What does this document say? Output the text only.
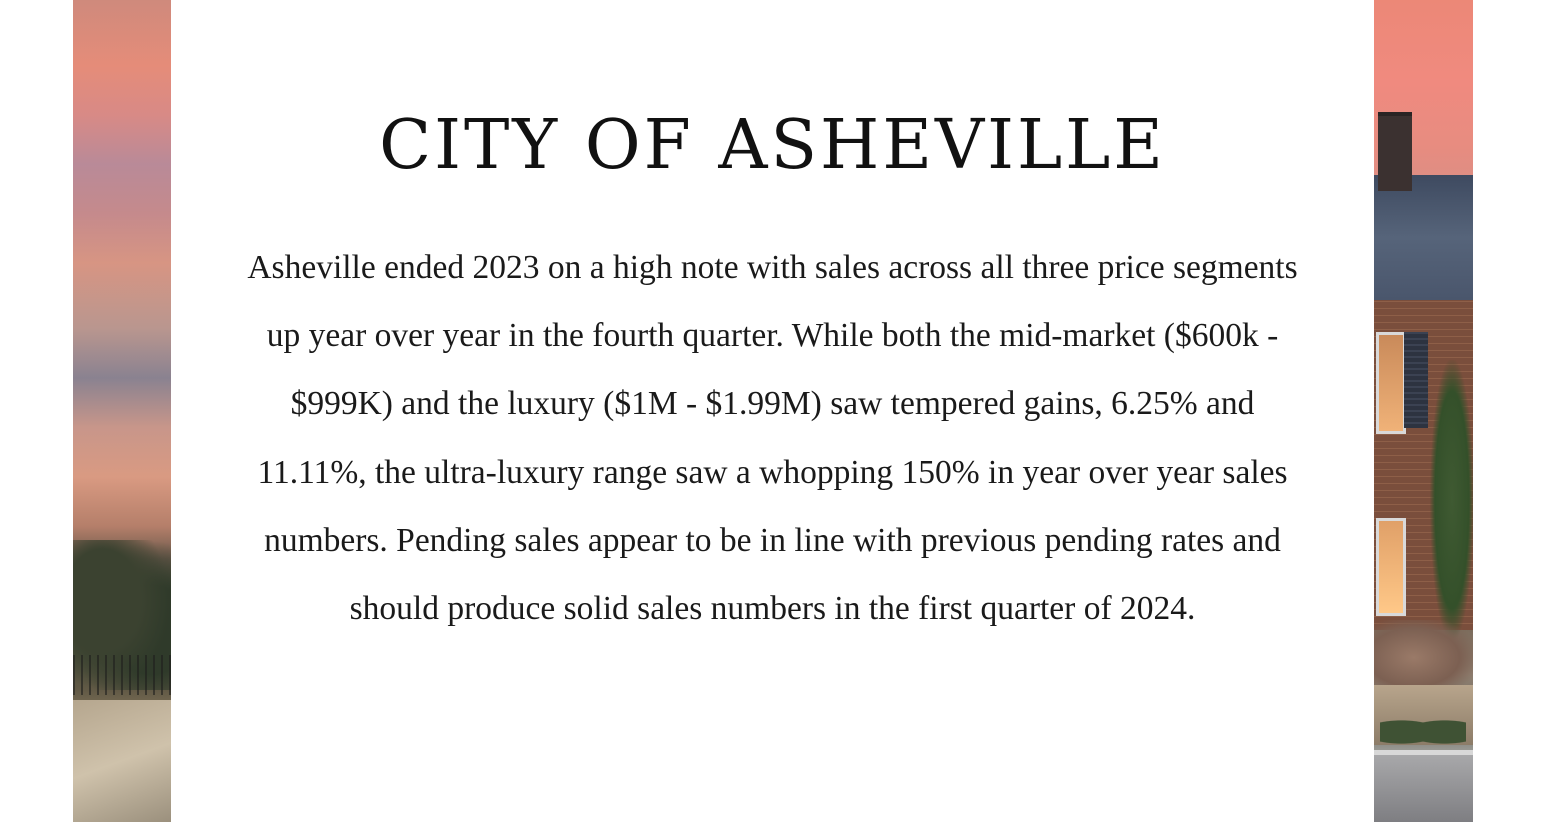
CITY OF ASHEVILLE

Asheville ended 2023 on a high note with sales across all three price segments up year over year in the fourth quarter. While both the mid-market ($600k - $999K) and the luxury ($1M - $1.99M) saw tempered gains, 6.25% and 11.11%, the ultra-luxury range saw a whopping 150% in year over year sales numbers. Pending sales appear to be in line with previous pending rates and should produce solid sales numbers in the first quarter of 2024.
